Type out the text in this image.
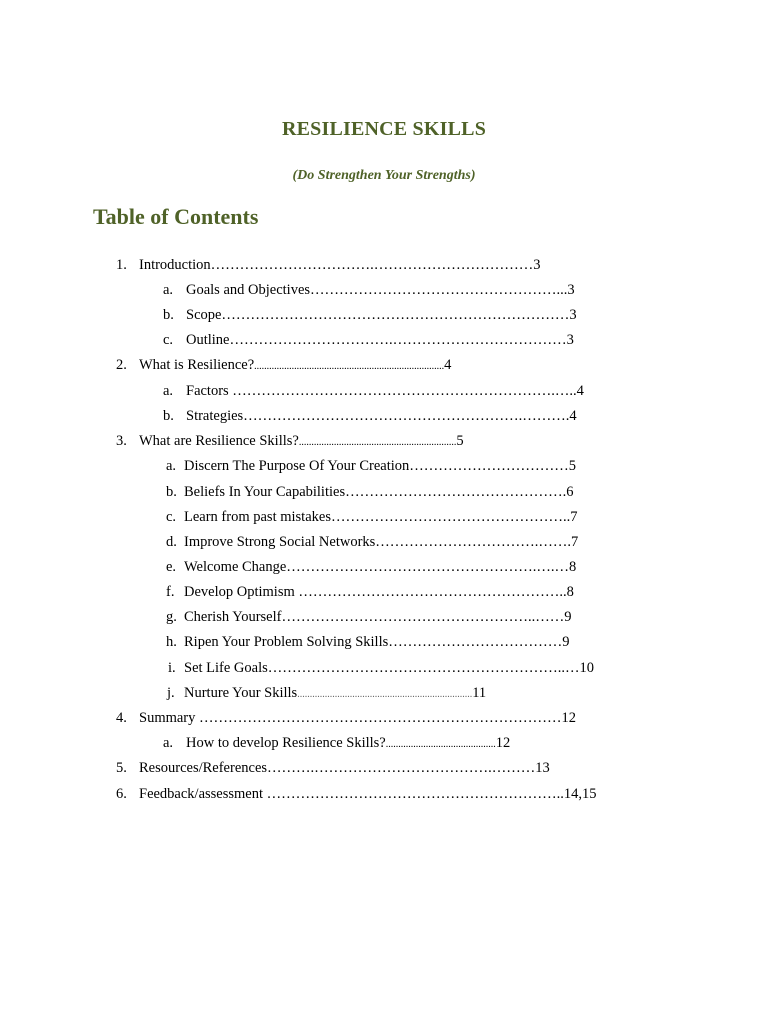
RESILIENCE SKILLS
(Do Strengthen Your Strengths)
Table of Contents
1. Introduction…………………………….……………………………3
a. Goals and Objectives……………………………………………...3
b. Scope………………………………………………………………3
c. Outline…………………………….………………………………3
2. What is Resilience?............................................................................4
a. Factors ………………………………………………………….…..4
b. Strategies………………………………………………….……….4
3. What are Resilience Skills?...............................................................5
a. Discern The Purpose Of Your Creation……………………………5
b. Beliefs In Your Capabilities……………………………………….6
c. Learn from past mistakes…………………………………………..7
d. Improve Strong Social Networks…………………………….…….7
e. Welcome Change…………………………………………….….…8
f. Develop Optimism ………………………………………………..8
g. Cherish Yourself……………………………………………..……9
h. Ripen Your Problem Solving Skills………………………………9
i. Set Life Goals……………………………………………………..…10
j. Nurture Your Skills......................................................................11
4. Summary …………………………………………………………………12
a. How to develop Resilience Skills?............................................12
5. Resources/References……….……………………………….………13
6. Feedback/assessment ……………………………………………………..14,15
